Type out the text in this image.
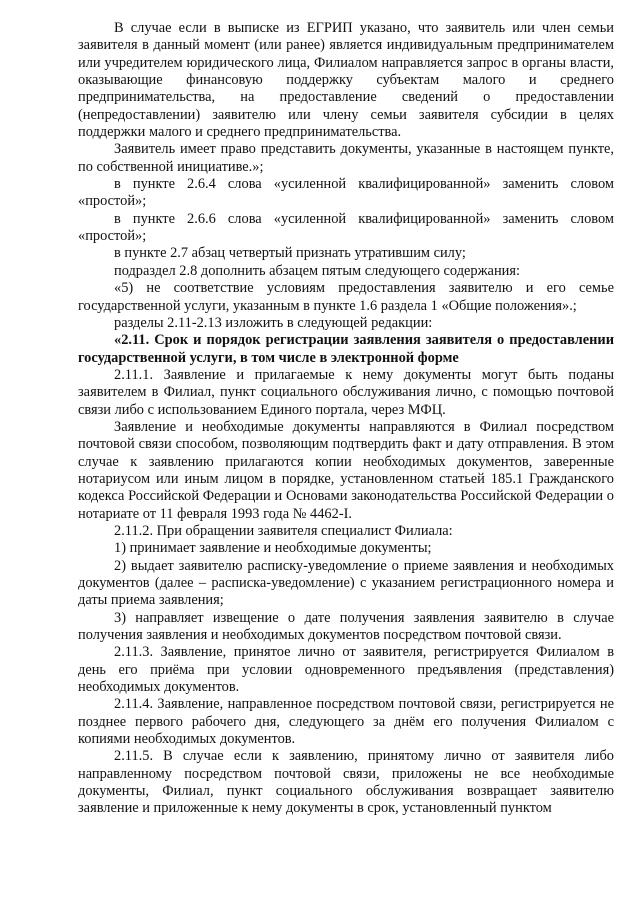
В случае если в выписке из ЕГРИП указано, что заявитель или член семьи заявителя в данный момент (или ранее) является индивидуальным предпринимателем или учредителем юридического лица, Филиалом направляется запрос в органы власти, оказывающие финансовую поддержку субъектам малого и среднего предпринимательства, на предоставление сведений о предоставлении (непредоставлении) заявителю или члену семьи заявителя субсидии в целях поддержки малого и среднего предпринимательства.

Заявитель имеет право представить документы, указанные в настоящем пункте, по собственной инициативе.»;

в пункте 2.6.4 слова «усиленной квалифицированной» заменить словом «простой»;

в пункте 2.6.6 слова «усиленной квалифицированной» заменить словом «простой»;

в пункте 2.7 абзац четвертый признать утратившим силу;

подраздел 2.8 дополнить абзацем пятым следующего содержания:

«5) не соответствие условиям предоставления заявителю и его семье государственной услуги, указанным в пункте 1.6 раздела 1 «Общие положения».;

разделы 2.11-2.13 изложить в следующей редакции:

«2.11. Срок и порядок регистрации заявления заявителя о предоставлении государственной услуги, в том числе в электронной форме

2.11.1. Заявление и прилагаемые к нему документы могут быть поданы заявителем в Филиал, пункт социального обслуживания лично, с помощью почтовой связи либо с использованием Единого портала, через МФЦ.

Заявление и необходимые документы направляются в Филиал посредством почтовой связи способом, позволяющим подтвердить факт и дату отправления. В этом случае к заявлению прилагаются копии необходимых документов, заверенные нотариусом или иным лицом в порядке, установленном статьей 185.1 Гражданского кодекса Российской Федерации и Основами законодательства Российской Федерации о нотариате от 11 февраля 1993 года № 4462-I.

2.11.2. При обращении заявителя специалист Филиала:

1) принимает заявление и необходимые документы;

2) выдает заявителю расписку-уведомление о приеме заявления и необходимых документов (далее – расписка-уведомление) с указанием регистрационного номера и даты приема заявления;

3) направляет извещение о дате получения заявления заявителю в случае получения заявления и необходимых документов посредством почтовой связи.

2.11.3. Заявление, принятое лично от заявителя, регистрируется Филиалом в день его приёма при условии одновременного предъявления (представления) необходимых документов.

2.11.4. Заявление, направленное посредством почтовой связи, регистрируется не позднее первого рабочего дня, следующего за днём его получения Филиалом с копиями необходимых документов.

2.11.5. В случае если к заявлению, принятому лично от заявителя либо направленному посредством почтовой связи, приложены не все необходимые документы, Филиал, пункт социального обслуживания возвращает заявителю заявление и приложенные к нему документы в срок, установленный пунктом
